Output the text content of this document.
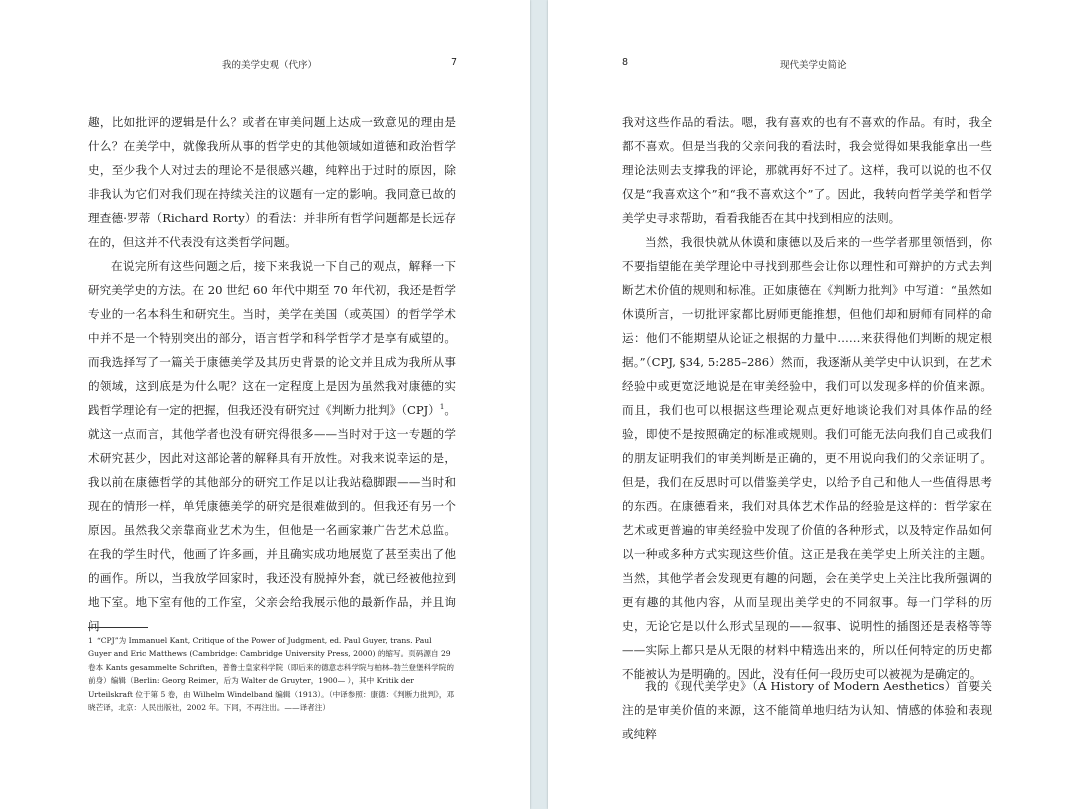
我的美学史观（代序）	7

趣，比如批评的逻辑是什么？或者在审美问题上达成一致意见的理由是什么？在美学中，就像我所从事的哲学史的其他领域如道德和政治哲学史，至少我个人对过去的理论不是很感兴趣，纯粹出于过时的原因，除非我认为它们对我们现在持续关注的议题有一定的影响。我同意已故的理查德·罗蒂（Richard Rorty）的看法：并非所有哲学问题都是长远存在的，但这并不代表没有这类哲学问题。

在说完所有这些问题之后，接下来我说一下自己的观点，解释一下研究美学史的方法。在 20 世纪 60 年代中期至 70 年代初，我还是哲学专业的一名本科生和研究生。当时，美学在美国（或英国）的哲学学术中并不是一个特别突出的部分，语言哲学和科学哲学才是享有威望的。而我选择写了一篇关于康德美学及其历史背景的论文并且成为我所从事的领域，这到底是为什么呢？这在一定程度上是因为虽然我对康德的实践哲学理论有一定的把握，但我还没有研究过《判断力批判》（CPJ）$^1$。就这一点而言，其他学者也没有研究得很多——当时对于这一专题的学术研究甚少，因此对这部论著的解释具有开放性。对我来说幸运的是，我以前在康德哲学的其他部分的研究工作足以让我站稳脚跟——当时和现在的情形一样，单凭康德美学的研究是很难做到的。但我还有另一个原因。虽然我父亲靠商业艺术为生，但他是一名画家兼广告艺术总监。在我的学生时代，他画了许多画，并且确实成功地展览了甚至卖出了他的画作。所以，当我放学回家时，我还没有脱掉外套，就已经被他拉到地下室。地下室有他的工作室，父亲会给我展示他的最新作品，并且询问

1 “CPJ”为 Immanuel Kant, Critique of the Power of Judgment, ed. Paul Guyer, trans. Paul Guyer and Eric Matthews (Cambridge: Cambridge University Press, 2000) 的缩写。页码源自 29 卷本 Kants gesammelte Schriften，普鲁士皇家科学院（即后来的德意志科学院与柏林–勃兰登堡科学院的前身）编辑（Berlin: Georg Reimer，后为 Walter de Gruyter，1900— ），其中 Kritik der Urteilskraft 位于第 5 卷，由 Wilhelm Windelband 编辑（1913）。（中译参照：康德：《判断力批判》，邓晓芒译，北京：人民出版社，2002 年。下同，不再注出。——译者注）

8	现代美学史简论

我对这些作品的看法。嗯，我有喜欢的也有不喜欢的作品。有时，我全都不喜欢。但是当我的父亲问我的看法时，我会觉得如果我能拿出一些理论法则去支撑我的评论，那就再好不过了。这样，我可以说的也不仅仅是“我喜欢这个”和“我不喜欢这个”了。因此，我转向哲学美学和哲学美学史寻求帮助，看看我能否在其中找到相应的法则。

当然，我很快就从休谟和康德以及后来的一些学者那里领悟到，你不要指望能在美学理论中寻找到那些会让你以理性和可辩护的方式去判断艺术价值的规则和标准。正如康德在《判断力批判》中写道：“虽然如休谟所言，一切批评家都比厨师更能推想，但他们却和厨师有同样的命运：他们不能期望从论证之根据的力量中……来获得他们判断的规定根据。”（CPJ, §34, 5:285–286）然而，我逐渐从美学史中认识到，在艺术经验中或更宽泛地说是在审美经验中，我们可以发现多样的价值来源。而且，我们也可以根据这些理论观点更好地谈论我们对具体作品的经验，即使不是按照确定的标准或规则。我们可能无法向我们自己或我们的朋友证明我们的审美判断是正确的，更不用说向我们的父亲证明了。但是，我们在反思时可以借鉴美学史，以给予自己和他人一些值得思考的东西。在康德看来，我们对具体艺术作品的经验是这样的：哲学家在艺术或更普遍的审美经验中发现了价值的各种形式，以及特定作品如何以一种或多种方式实现这些价值。这正是我在美学史上所关注的主题。当然，其他学者会发现更有趣的问题，会在美学史上关注比我所强调的更有趣的其他内容，从而呈现出美学史的不同叙事。每一门学科的历史，无论它是以什么形式呈现的——叙事、说明性的插图还是表格等等——实际上都只是从无限的材料中精选出来的，所以任何特定的历史都不能被认为是明确的。因此，没有任何一段历史可以被视为是确定的。

我的《现代美学史》（A History of Modern Aesthetics）首要关注的是审美价值的来源，这不能简单地归结为认知、情感的体验和表现或纯粹
